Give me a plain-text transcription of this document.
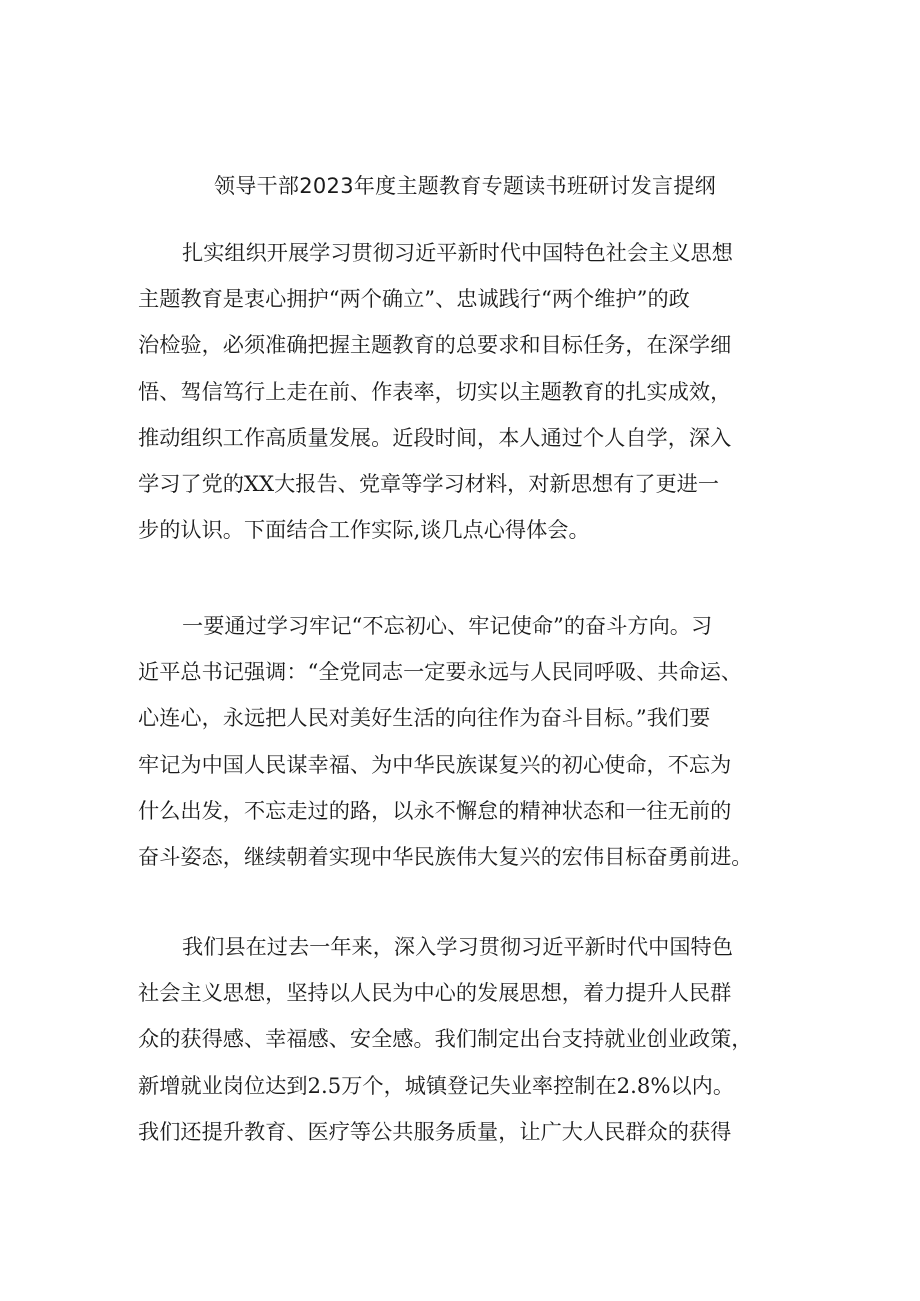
领导干部2023年度主题教育专题读书班研讨发言提纲
扎实组织开展学习贯彻习近平新时代中国特色社会主义思想
主题教育是衷心拥护“两个确立”、忠诚践行“两个维护”的政
治检验，必须准确把握主题教育的总要求和目标任务，在深学细
悟、驾信笃行上走在前、作表率，切实以主题教育的扎实成效，
推动组织工作高质量发展。近段时间，本人通过个人自学，深入
学习了党的XX大报告、党章等学习材料，对新思想有了更进一
步的认识。下面结合工作实际,谈几点心得体会。
一要通过学习牢记“不忘初心、牢记使命”的奋斗方向。习
近平总书记强调：“全党同志一定要永远与人民同呼吸、共命运、
心连心，永远把人民对美好生活的向往作为奋斗目标。”我们要
牢记为中国人民谋幸福、为中华民族谋复兴的初心使命，不忘为
什么出发，不忘走过的路，以永不懈怠的精神状态和一往无前的
奋斗姿态，继续朝着实现中华民族伟大复兴的宏伟目标奋勇前进。
我们县在过去一年来，深入学习贯彻习近平新时代中国特色
社会主义思想，坚持以人民为中心的发展思想，着力提升人民群
众的获得感、幸福感、安全感。我们制定出台支持就业创业政策，
新增就业岗位达到2.5万个，城镇登记失业率控制在2.8%以内。
我们还提升教育、医疗等公共服务质量，让广大人民群众的获得
